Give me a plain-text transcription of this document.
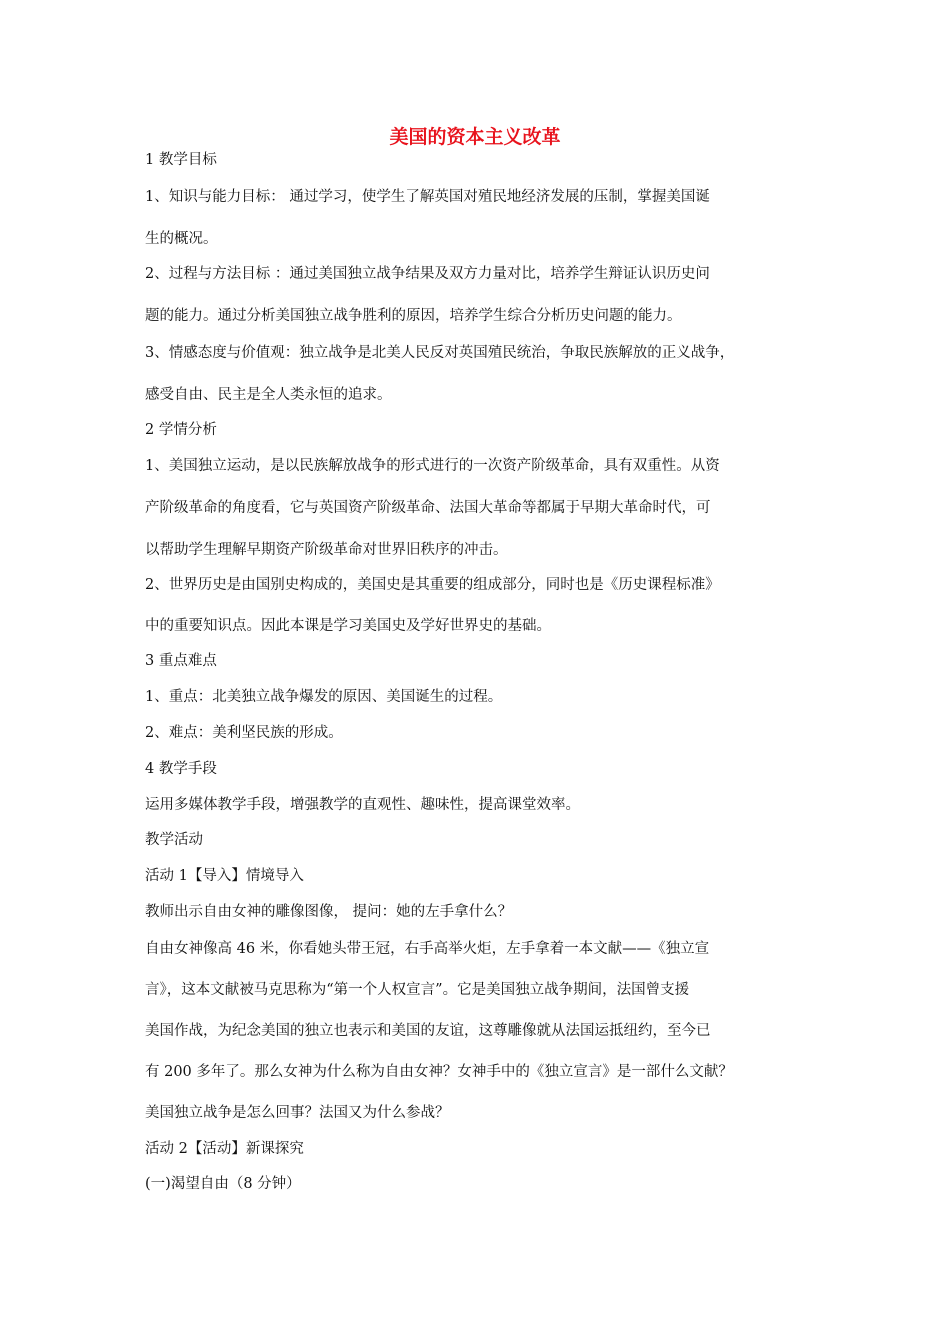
美国的资本主义改革

1 教学目标

1、知识与能力目标： 通过学习，使学生了解英国对殖民地经济发展的压制，掌握美国诞

生的概况。

2、过程与方法目标 ：通过美国独立战争结果及双方力量对比，培养学生辩证认识历史问

题的能力。通过分析美国独立战争胜利的原因，培养学生综合分析历史问题的能力。

3、情感态度与价值观：独立战争是北美人民反对英国殖民统治，争取民族解放的正义战争，

感受自由、民主是全人类永恒的追求。

2 学情分析

1、美国独立运动，是以民族解放战争的形式进行的一次资产阶级革命，具有双重性。从资

产阶级革命的角度看，它与英国资产阶级革命、法国大革命等都属于早期大革命时代，可

以帮助学生理解早期资产阶级革命对世界旧秩序的冲击。

2、世界历史是由国别史构成的，美国史是其重要的组成部分，同时也是《历史课程标准》

中的重要知识点。因此本课是学习美国史及学好世界史的基础。

3 重点难点

1、重点：北美独立战争爆发的原因、美国诞生的过程。

2、难点：美利坚民族的形成。

4 教学手段

运用多媒体教学手段，增强教学的直观性、趣味性，提高课堂效率。

教学活动

活动 1【导入】情境导入

教师出示自由女神的雕像图像， 提问：她的左手拿什么？

自由女神像高 46 米，你看她头带王冠，右手高举火炬，左手拿着一本文献——《独立宣

言》，这本文献被马克思称为“第一个人权宣言”。它是美国独立战争期间，法国曾支援

美国作战，为纪念美国的独立也表示和美国的友谊，这尊雕像就从法国运抵纽约，至今已

有 200 多年了。那么女神为什么称为自由女神？女神手中的《独立宣言》是一部什么文献？

美国独立战争是怎么回事？法国又为什么参战？

活动 2【活动】新课探究

(一)渴望自由（8 分钟）
